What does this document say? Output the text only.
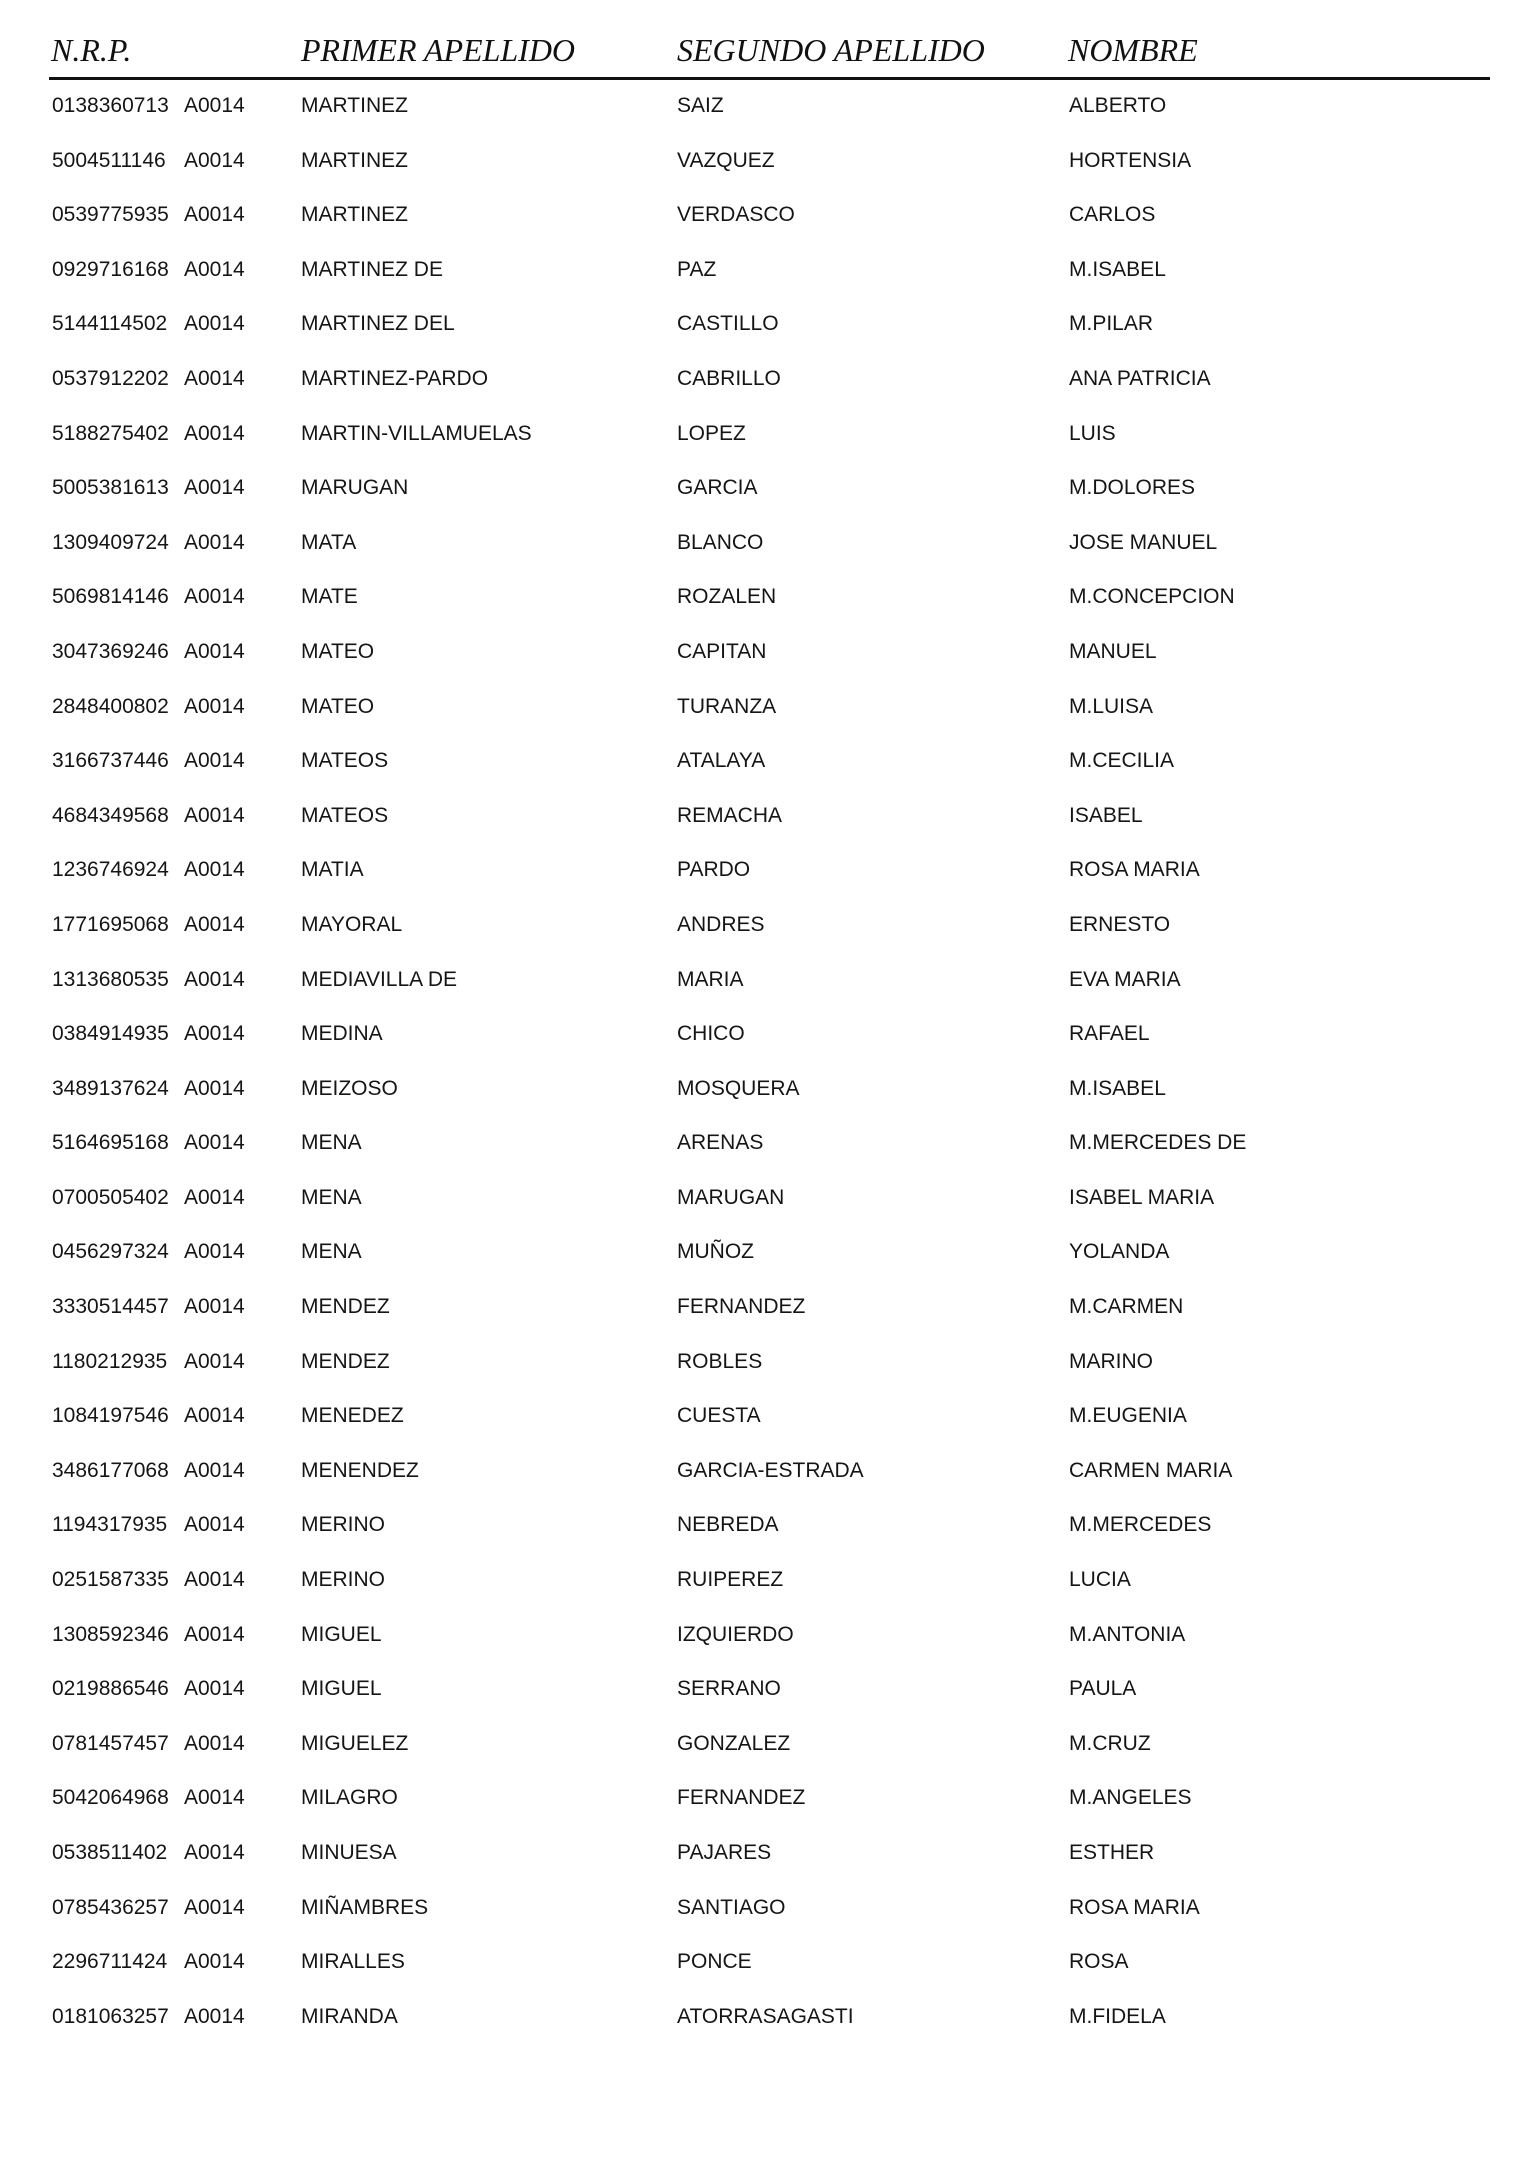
N.R.P.	PRIMER APELLIDO	SEGUNDO APELLIDO	NOMBRE
0138360713 A0014	MARTINEZ	SAIZ	ALBERTO
5004511146 A0014	MARTINEZ	VAZQUEZ	HORTENSIA
0539775935 A0014	MARTINEZ	VERDASCO	CARLOS
0929716168 A0014	MARTINEZ DE	PAZ	M.ISABEL
5144114502 A0014	MARTINEZ DEL	CASTILLO	M.PILAR
0537912202 A0014	MARTINEZ-PARDO	CABRILLO	ANA PATRICIA
5188275402 A0014	MARTIN-VILLAMUELAS	LOPEZ	LUIS
5005381613 A0014	MARUGAN	GARCIA	M.DOLORES
1309409724 A0014	MATA	BLANCO	JOSE MANUEL
5069814146 A0014	MATE	ROZALEN	M.CONCEPCION
3047369246 A0014	MATEO	CAPITAN	MANUEL
2848400802 A0014	MATEO	TURANZA	M.LUISA
3166737446 A0014	MATEOS	ATALAYA	M.CECILIA
4684349568 A0014	MATEOS	REMACHA	ISABEL
1236746924 A0014	MATIA	PARDO	ROSA MARIA
1771695068 A0014	MAYORAL	ANDRES	ERNESTO
1313680535 A0014	MEDIAVILLA DE	MARIA	EVA MARIA
0384914935 A0014	MEDINA	CHICO	RAFAEL
3489137624 A0014	MEIZOSO	MOSQUERA	M.ISABEL
5164695168 A0014	MENA	ARENAS	M.MERCEDES DE
0700505402 A0014	MENA	MARUGAN	ISABEL MARIA
0456297324 A0014	MENA	MUÑOZ	YOLANDA
3330514457 A0014	MENDEZ	FERNANDEZ	M.CARMEN
1180212935 A0014	MENDEZ	ROBLES	MARINO
1084197546 A0014	MENEDEZ	CUESTA	M.EUGENIA
3486177068 A0014	MENENDEZ	GARCIA-ESTRADA	CARMEN MARIA
1194317935 A0014	MERINO	NEBREDA	M.MERCEDES
0251587335 A0014	MERINO	RUIPEREZ	LUCIA
1308592346 A0014	MIGUEL	IZQUIERDO	M.ANTONIA
0219886546 A0014	MIGUEL	SERRANO	PAULA
0781457457 A0014	MIGUELEZ	GONZALEZ	M.CRUZ
5042064968 A0014	MILAGRO	FERNANDEZ	M.ANGELES
0538511402 A0014	MINUESA	PAJARES	ESTHER
0785436257 A0014	MIÑAMBRES	SANTIAGO	ROSA MARIA
2296711424 A0014	MIRALLES	PONCE	ROSA
0181063257 A0014	MIRANDA	ATORRASAGASTI	M.FIDELA
